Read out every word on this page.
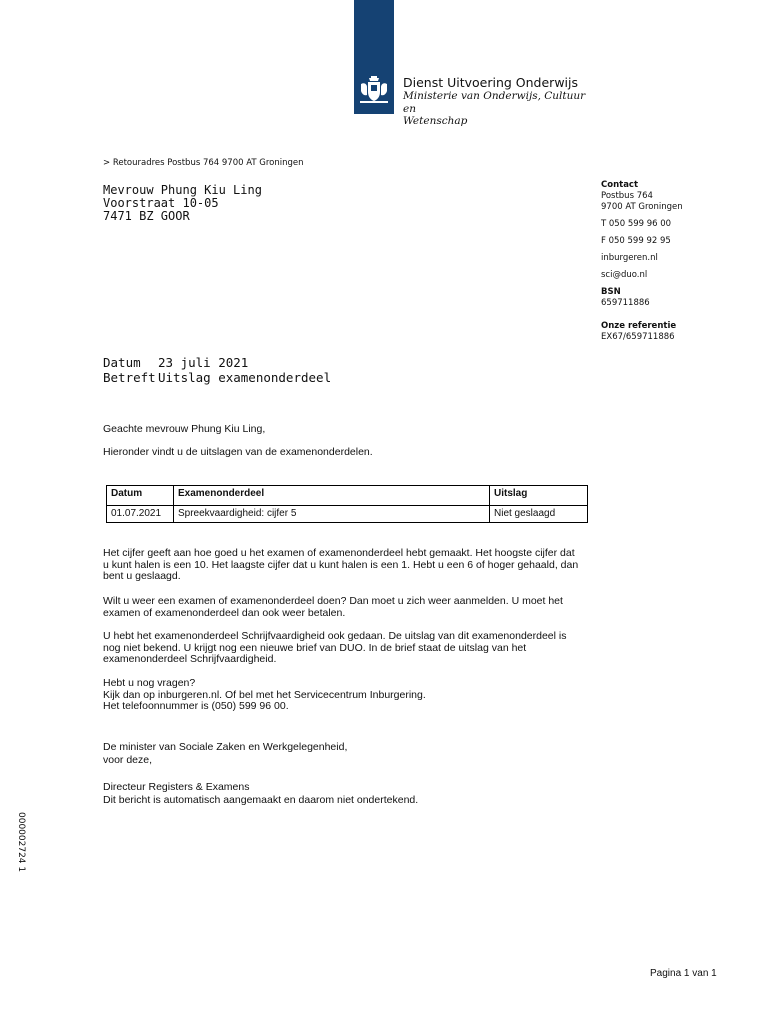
Dienst Uitvoering Onderwijs
Ministerie van Onderwijs, Cultuur en
Wetenschap
> Retouradres Postbus 764 9700 AT Groningen
Mevrouw Phung Kiu Ling
Voorstraat 10-05
7471 BZ GOOR
Contact
Postbus 764
9700 AT Groningen
T 050 599 96 00
F 050 599 92 95
inburgeren.nl
sci@duo.nl
BSN
659711886
Onze referentie
EX67/659711886
Datum 23 juli 2021
Betreft Uitslag examenonderdeel
Geachte mevrouw Phung Kiu Ling,
Hieronder vindt u de uitslagen van de examenonderdelen.
Datum	Examenonderdeel	Uitslag
01.07.2021	Spreekvaardigheid: cijfer 5	Niet geslaagd
Het cijfer geeft aan hoe goed u het examen of examenonderdeel hebt gemaakt. Het hoogste cijfer dat
u kunt halen is een 10. Het laagste cijfer dat u kunt halen is een 1. Hebt u een 6 of hoger gehaald, dan
bent u geslaagd.
Wilt u weer een examen of examenonderdeel doen? Dan moet u zich weer aanmelden. U moet het
examen of examenonderdeel dan ook weer betalen.
U hebt het examenonderdeel Schrijfvaardigheid ook gedaan. De uitslag van dit examenonderdeel is
nog niet bekend. U krijgt nog een nieuwe brief van DUO. In de brief staat de uitslag van het
examenonderdeel Schrijfvaardigheid.
Hebt u nog vragen?
Kijk dan op inburgeren.nl. Of bel met het Servicecentrum Inburgering.
Het telefoonnummer is (050) 599 96 00.
De minister van Sociale Zaken en Werkgelegenheid,
voor deze,
Directeur Registers & Examens
Dit bericht is automatisch aangemaakt en daarom niet ondertekend.
000002724 1
Pagina 1 van 1
